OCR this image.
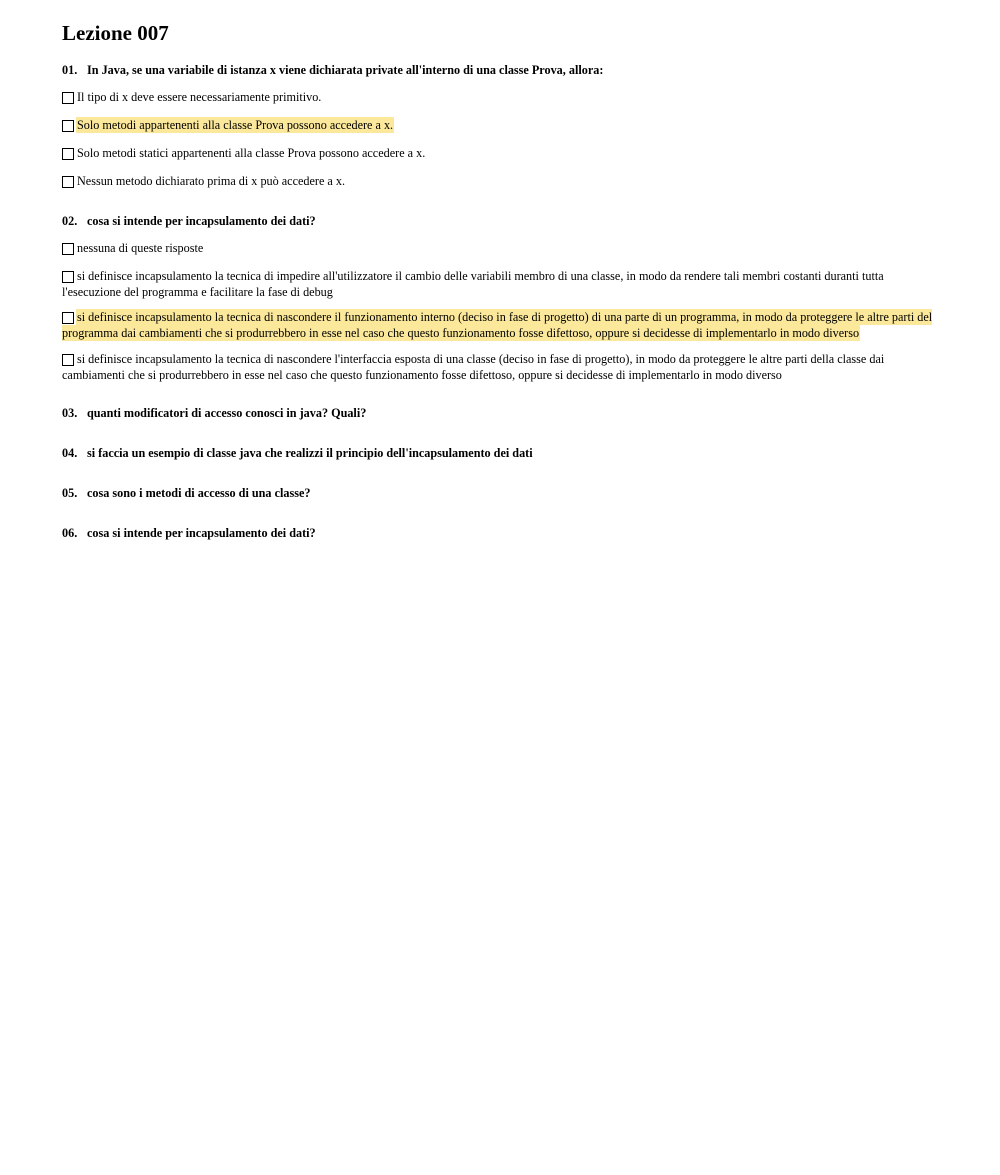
Lezione 007
01. In Java, se una variabile di istanza x viene dichiarata private all'interno di una classe Prova, allora:
Il tipo di x deve essere necessariamente primitivo.
Solo metodi appartenenti alla classe Prova possono accedere a x.
Solo metodi statici appartenenti alla classe Prova possono accedere a x.
Nessun metodo dichiarato prima di x può accedere a x.
02. cosa si intende per incapsulamento dei dati?
nessuna di queste risposte
si definisce incapsulamento la tecnica di impedire all'utilizzatore il cambio delle variabili membro di una classe, in modo da rendere tali membri costanti duranti tutta l'esecuzione del programma e facilitare la fase di debug
si definisce incapsulamento la tecnica di nascondere il funzionamento interno (deciso in fase di progetto) di una parte di un programma, in modo da proteggere le altre parti del programma dai cambiamenti che si produrrebbero in esse nel caso che questo funzionamento fosse difettoso, oppure si decidesse di implementarlo in modo diverso
si definisce incapsulamento la tecnica di nascondere l'interfaccia esposta di una classe (deciso in fase di progetto), in modo da proteggere le altre parti della classe dai cambiamenti che si produrrebbero in esse nel caso che questo funzionamento fosse difettoso, oppure si decidesse di implementarlo in modo diverso
03. quanti modificatori di accesso conosci in java? Quali?
04. si faccia un esempio di classe java che realizzi il principio dell'incapsulamento dei dati
05. cosa sono i metodi di accesso di una classe?
06. cosa si intende per incapsulamento dei dati?
